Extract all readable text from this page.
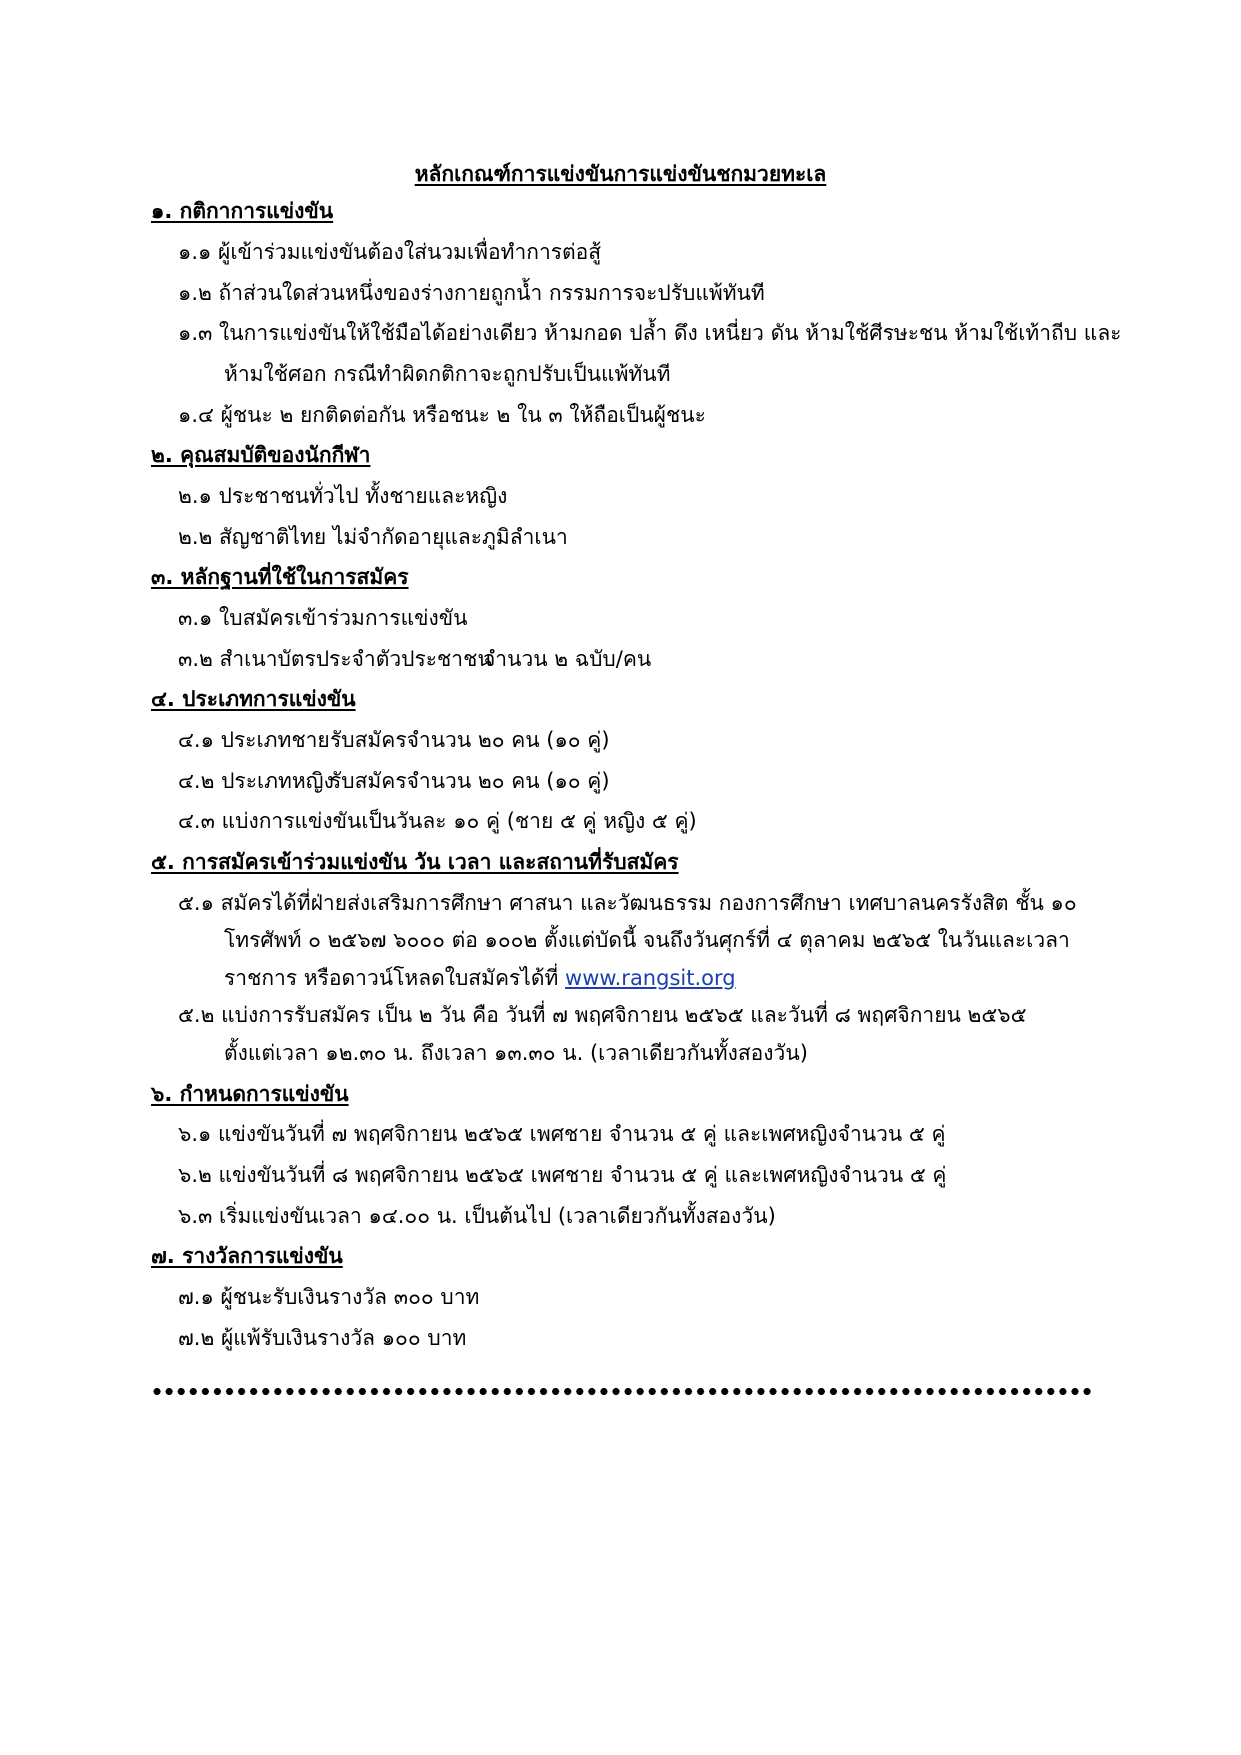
หลักเกณฑ์การแข่งขันการแข่งขันชกมวยทะเล
๑. กติกาการแข่งขัน
๑.๑ ผู้เข้าร่วมแข่งขันต้องใส่นวมเพื่อทำการต่อสู้
๑.๒ ถ้าส่วนใดส่วนหนึ่งของร่างกายถูกน้ำ กรรมการจะปรับแพ้ทันที
๑.๓ ในการแข่งขันให้ใช้มือได้อย่างเดียว ห้ามกอด ปล้ำ ดึง เหนี่ยว ดัน ห้ามใช้ศีรษะชน ห้ามใช้เท้าถีบ และ
ห้ามใช้ศอก กรณีทำผิดกติกาจะถูกปรับเป็นแพ้ทันที
๑.๔ ผู้ชนะ ๒ ยกติดต่อกัน หรือชนะ ๒ ใน ๓ ให้ถือเป็นผู้ชนะ
๒. คุณสมบัติของนักกีฬา
๒.๑ ประชาชนทั่วไป ทั้งชายและหญิง
๒.๒ สัญชาติไทย ไม่จำกัดอายุและภูมิลำเนา
๓. หลักฐานที่ใช้ในการสมัคร
๓.๑ ใบสมัครเข้าร่วมการแข่งขัน
๓.๒ สำเนาบัตรประจำตัวประชาชนจำนวน ๒ ฉบับ/คน
๔. ประเภทการแข่งขัน
๔.๑ ประเภทชายรับสมัครจำนวน ๒๐ คน (๑๐ คู่)
๔.๒ ประเภทหญิงรับสมัครจำนวน ๒๐ คน (๑๐ คู่)
๔.๓ แบ่งการแข่งขันเป็นวันละ ๑๐ คู่ (ชาย ๕ คู่ หญิง ๕ คู่)
๕. การสมัครเข้าร่วมแข่งขัน วัน เวลา และสถานที่รับสมัคร
๕.๑ สมัครได้ที่ฝ่ายส่งเสริมการศึกษา ศาสนา และวัฒนธรรม กองการศึกษา เทศบาลนครรังสิต ชั้น ๑๐
โทรศัพท์ ๐ ๒๕๖๗ ๖๐๐๐ ต่อ ๑๐๐๒ ตั้งแต่บัดนี้ จนถึงวันศุกร์ที่ ๔ ตุลาคม ๒๕๖๕ ในวันและเวลา
ราชการ หรือดาวน์โหลดใบสมัครได้ที่ www.rangsit.org
๕.๒ แบ่งการรับสมัคร เป็น ๒ วัน คือ วันที่ ๗ พฤศจิกายน ๒๕๖๕ และวันที่ ๘ พฤศจิกายน ๒๕๖๕
ตั้งแต่เวลา ๑๒.๓๐ น. ถึงเวลา ๑๓.๓๐ น. (เวลาเดียวกันทั้งสองวัน)
๖. กำหนดการแข่งขัน
๖.๑ แข่งขันวันที่ ๗ พฤศจิกายน ๒๕๖๕ เพศชาย จำนวน ๕ คู่ และเพศหญิงจำนวน ๕ คู่
๖.๒ แข่งขันวันที่ ๘ พฤศจิกายน ๒๕๖๕ เพศชาย จำนวน ๕ คู่ และเพศหญิงจำนวน ๕ คู่
๖.๓ เริ่มแข่งขันเวลา ๑๔.๐๐ น. เป็นต้นไป (เวลาเดียวกันทั้งสองวัน)
๗. รางวัลการแข่งขัน
๗.๑ ผู้ชนะรับเงินรางวัล ๓๐๐ บาท
๗.๒ ผู้แพ้รับเงินรางวัล ๑๐๐ บาท
